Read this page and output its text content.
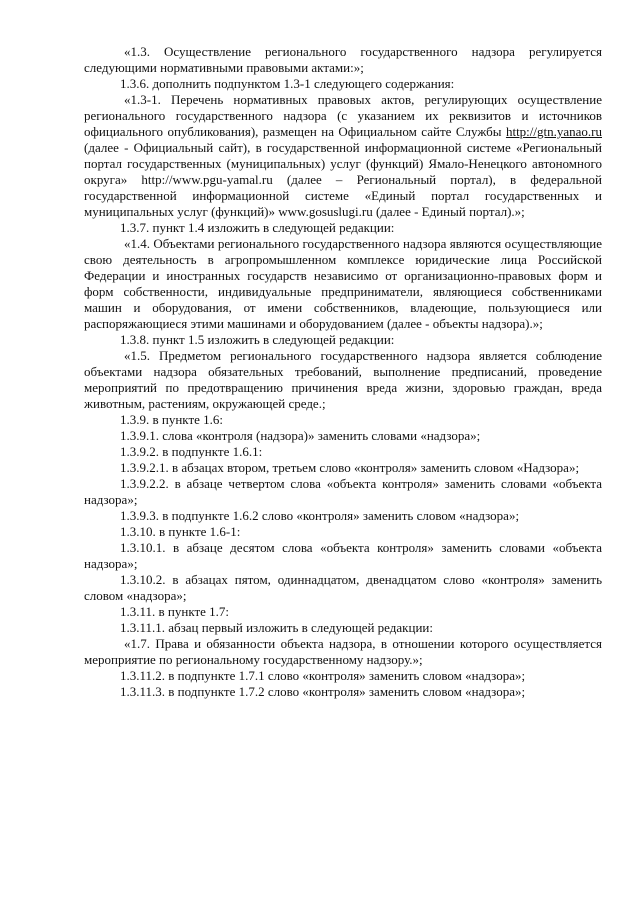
«1.3. Осуществление регионального государственного надзора регулируется следующими нормативными правовыми актами:»;

1.3.6. дополнить подпунктом 1.3-1 следующего содержания:

«1.3-1. Перечень нормативных правовых актов, регулирующих осуществление регионального государственного надзора (с указанием их реквизитов и источников официального опубликования), размещен на Официальном сайте Службы http://gtn.yanao.ru (далее - Официальный сайт), в государственной информационной системе «Региональный портал государственных (муниципальных) услуг (функций) Ямало-Ненецкого автономного округа» http://www.pgu-yamal.ru (далее – Региональный портал), в федеральной государственной информационной системе «Единый портал государственных и муниципальных услуг (функций)» www.gosuslugi.ru (далее - Единый портал).»;

1.3.7. пункт 1.4 изложить в следующей редакции:

«1.4. Объектами регионального государственного надзора являются осуществляющие свою деятельность в агропромышленном комплексе юридические лица Российской Федерации и иностранных государств независимо от организационно-правовых форм и форм собственности, индивидуальные предприниматели, являющиеся собственниками машин и оборудования, от имени собственников, владеющие, пользующиеся или распоряжающиеся этими машинами и оборудованием (далее - объекты надзора).»;

1.3.8. пункт 1.5 изложить в следующей редакции:

«1.5. Предметом регионального государственного надзора является соблюдение объектами надзора обязательных требований, выполнение предписаний, проведение мероприятий по предотвращению причинения вреда жизни, здоровью граждан, вреда животным, растениям, окружающей среде.;

1.3.9. в пункте 1.6:

1.3.9.1. слова «контроля (надзора)» заменить словами «надзора»;

1.3.9.2. в подпункте 1.6.1:

1.3.9.2.1. в абзацах втором, третьем слово «контроля» заменить словом «Надзора»;

1.3.9.2.2. в абзаце четвертом слова «объекта контроля» заменить словами «объекта надзора»;

1.3.9.3. в подпункте 1.6.2 слово «контроля» заменить словом «надзора»;

1.3.10. в пункте 1.6-1:

1.3.10.1. в абзаце десятом слова «объекта контроля» заменить словами «объекта надзора»;

1.3.10.2. в абзацах пятом, одиннадцатом, двенадцатом слово «контроля» заменить словом «надзора»;

1.3.11. в пункте 1.7:

1.3.11.1. абзац первый изложить в следующей редакции:

«1.7. Права и обязанности объекта надзора, в отношении которого осуществляется мероприятие по региональному государственному надзору.»;

1.3.11.2. в подпункте 1.7.1 слово «контроля» заменить словом «надзора»;

1.3.11.3. в подпункте 1.7.2 слово «контроля» заменить словом «надзора»;
